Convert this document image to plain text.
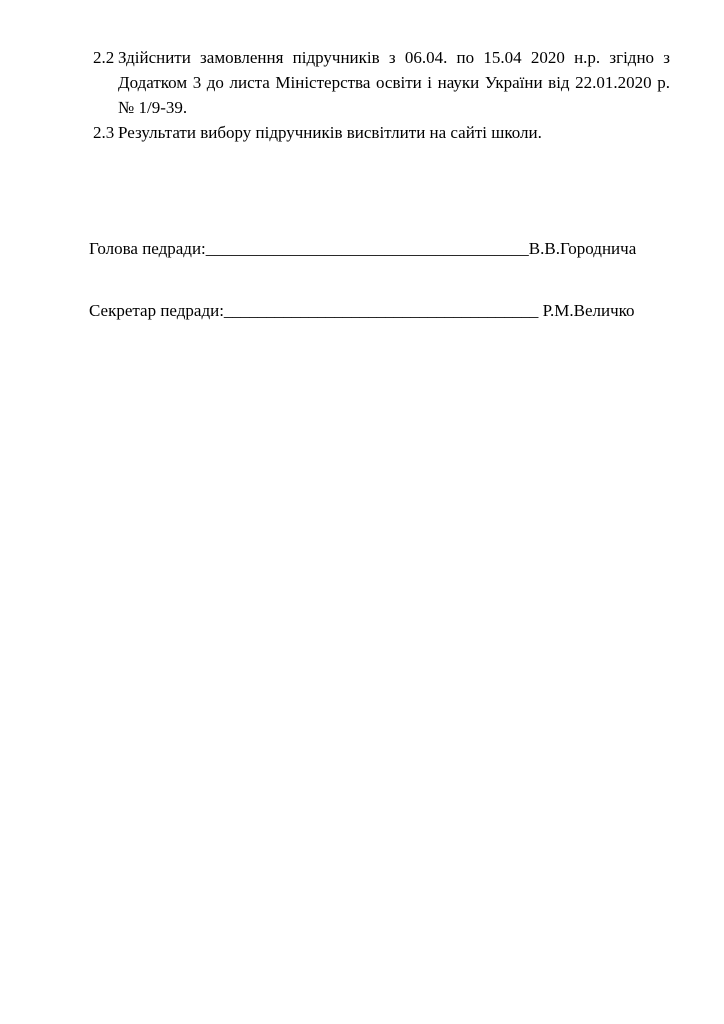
2.2 Здійснити замовлення підручників з 06.04. по 15.04 2020 н.р. згідно з
Додатком 3 до листа Міністерства освіти і науки України від 22.01.2020 р.
№ 1/9-39.
2.3 Результати вибору підручників висвітлити на сайті школи.
Голова педради:______________________________________В.В.Городнича
Секретар педради:_____________________________________ Р.М.Величко
